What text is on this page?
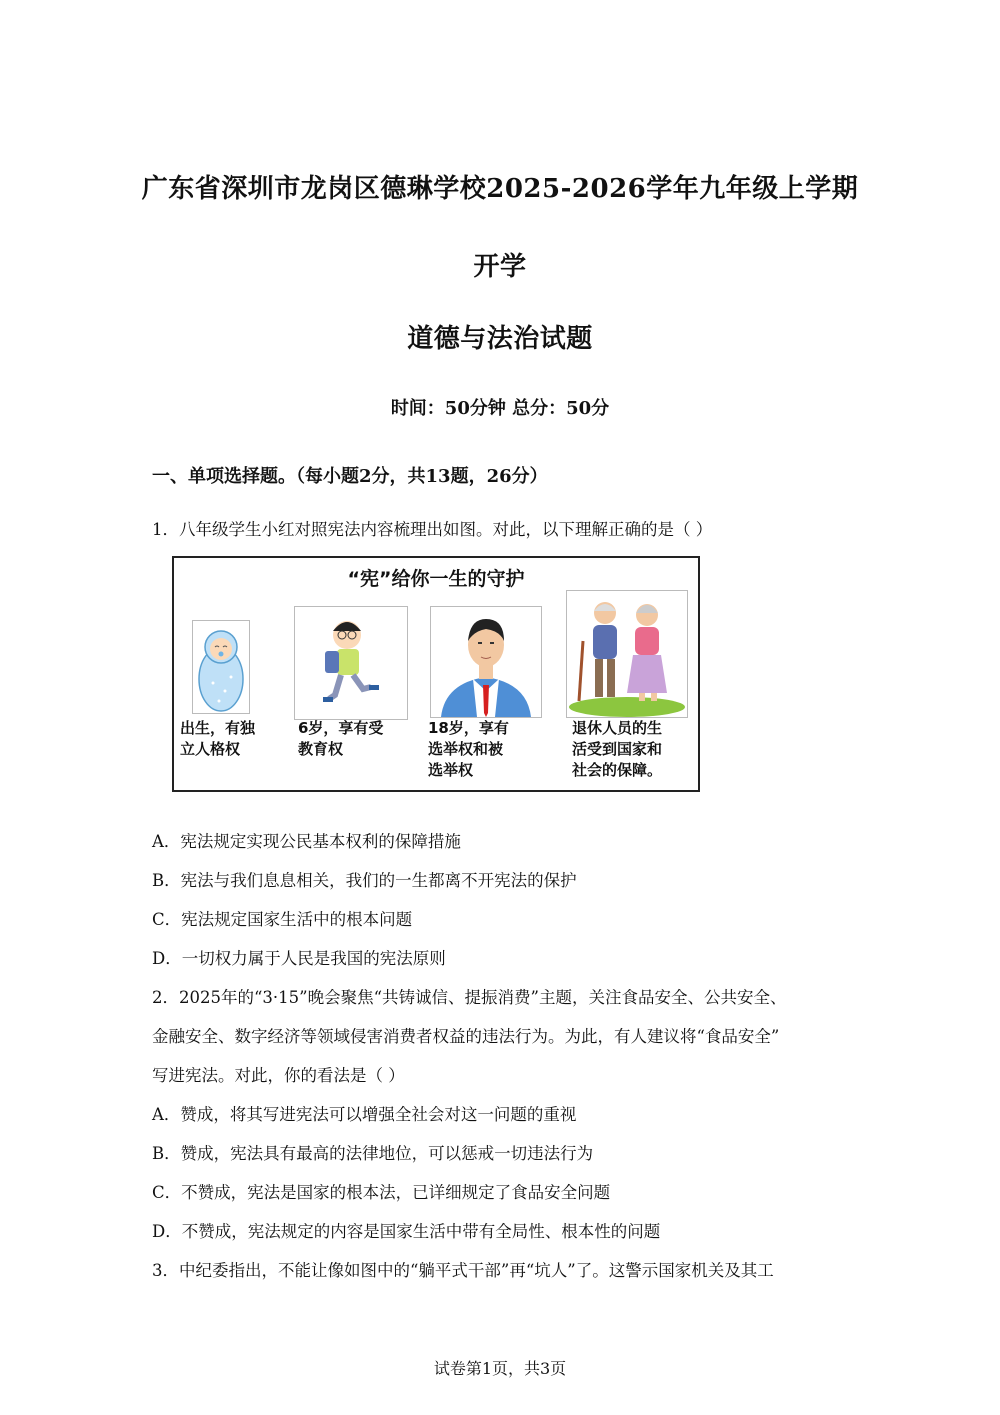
广东省深圳市龙岗区德琳学校2025-2026学年九年级上学期
开学
道德与法治试题
时间：50分钟 总分：50分
一、单项选择题。（每小题2分，共13题，26分）
1．八年级学生小红对照宪法内容梳理出如图。对此，以下理解正确的是（ ）
“宪”给你一生的守护
出生，有独
立人格权
6岁，享有受
教育权
18岁，享有
选举权和被
选举权
退休人员的生
活受到国家和
社会的保障。
A．宪法规定实现公民基本权利的保障措施
B．宪法与我们息息相关，我们的一生都离不开宪法的保护
C．宪法规定国家生活中的根本问题
D．一切权力属于人民是我国的宪法原则
2．2025年的“3·15”晚会聚焦“共铸诚信、提振消费”主题，关注食品安全、公共安全、
金融安全、数字经济等领域侵害消费者权益的违法行为。为此，有人建议将“食品安全”
写进宪法。对此，你的看法是（ ）
A．赞成，将其写进宪法可以增强全社会对这一问题的重视
B．赞成，宪法具有最高的法律地位，可以惩戒一切违法行为
C．不赞成，宪法是国家的根本法，已详细规定了食品安全问题
D．不赞成，宪法规定的内容是国家生活中带有全局性、根本性的问题
3．中纪委指出，不能让像如图中的“躺平式干部”再“坑人”了。这警示国家机关及其工
试卷第1页，共3页
